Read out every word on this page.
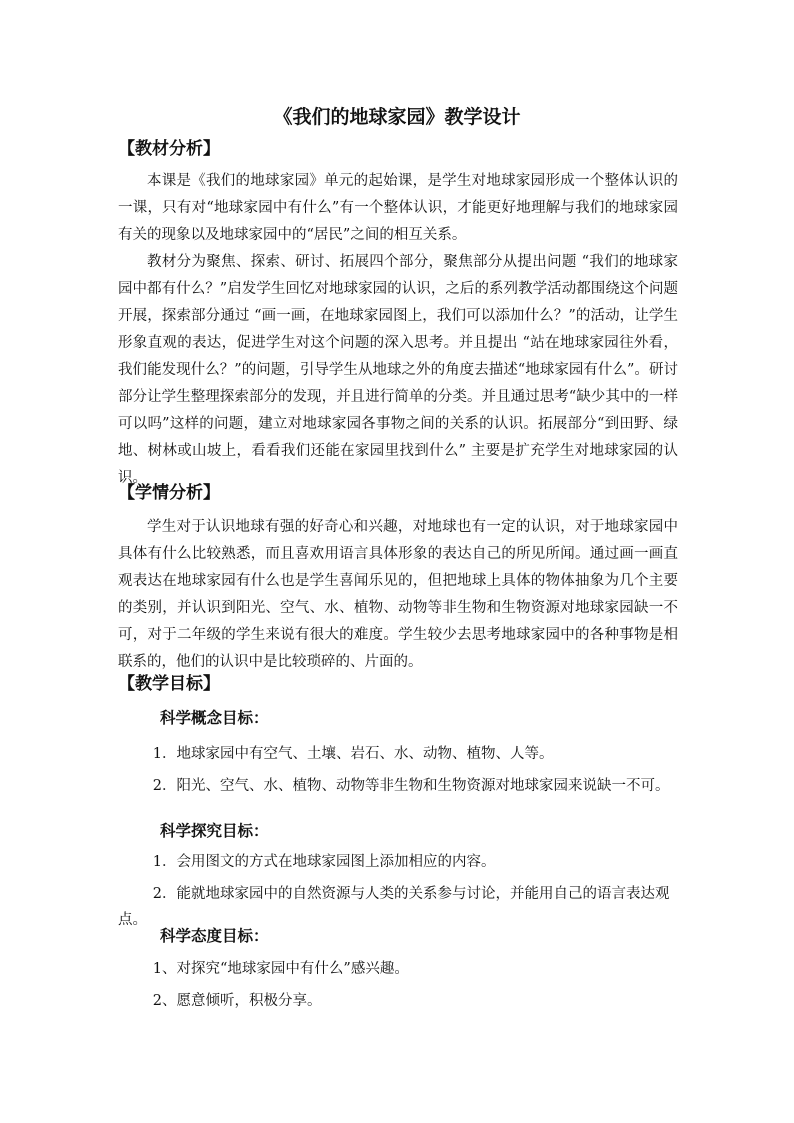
《我们的地球家园》教学设计
【教材分析】

本课是《我们的地球家园》单元的起始课，是学生对地球家园形成一个整体认识的一课，只有对“地球家园中有什么”有一个整体认识，才能更好地理解与我们的地球家园有关的现象以及地球家园中的“居民”之间的相互关系。

教材分为聚焦、探索、研讨、拓展四个部分，聚焦部分从提出问题 “我们的地球家园中都有什么？”启发学生回忆对地球家园的认识，之后的系列教学活动都围绕这个问题开展，探索部分通过 “画一画，在地球家园图上，我们可以添加什么？”的活动，让学生形象直观的表达，促进学生对这个问题的深入思考。并且提出 “站在地球家园往外看，我们能发现什么？”的问题，引导学生从地球之外的角度去描述“地球家园有什么”。研讨部分让学生整理探索部分的发现，并且进行简单的分类。并且通过思考“缺少其中的一样可以吗”这样的问题，建立对地球家园各事物之间的关系的认识。拓展部分“到田野、绿地、树林或山坡上，看看我们还能在家园里找到什么” 主要是扩充学生对地球家园的认识。

【学情分析】

学生对于认识地球有强的好奇心和兴趣，对地球也有一定的认识，对于地球家园中具体有什么比较熟悉，而且喜欢用语言具体形象的表达自己的所见所闻。通过画一画直观表达在地球家园有什么也是学生喜闻乐见的，但把地球上具体的物体抽象为几个主要的类别，并认识到阳光、空气、水、植物、动物等非生物和生物资源对地球家园缺一不可，对于二年级的学生来说有很大的难度。学生较少去思考地球家园中的各种事物是相联系的，他们的认识中是比较琐碎的、片面的。

【教学目标】
科学概念目标：

1．地球家园中有空气、土壤、岩石、水、动物、植物、人等。

2．阳光、空气、水、植物、动物等非生物和生物资源对地球家园来说缺一不可。

科学探究目标：

1．会用图文的方式在地球家园图上添加相应的内容。

2．能就地球家园中的自然资源与人类的关系参与讨论，并能用自己的语言表达观点。

科学态度目标：

1、对探究“地球家园中有什么”感兴趣。

2、愿意倾听，积极分享。
